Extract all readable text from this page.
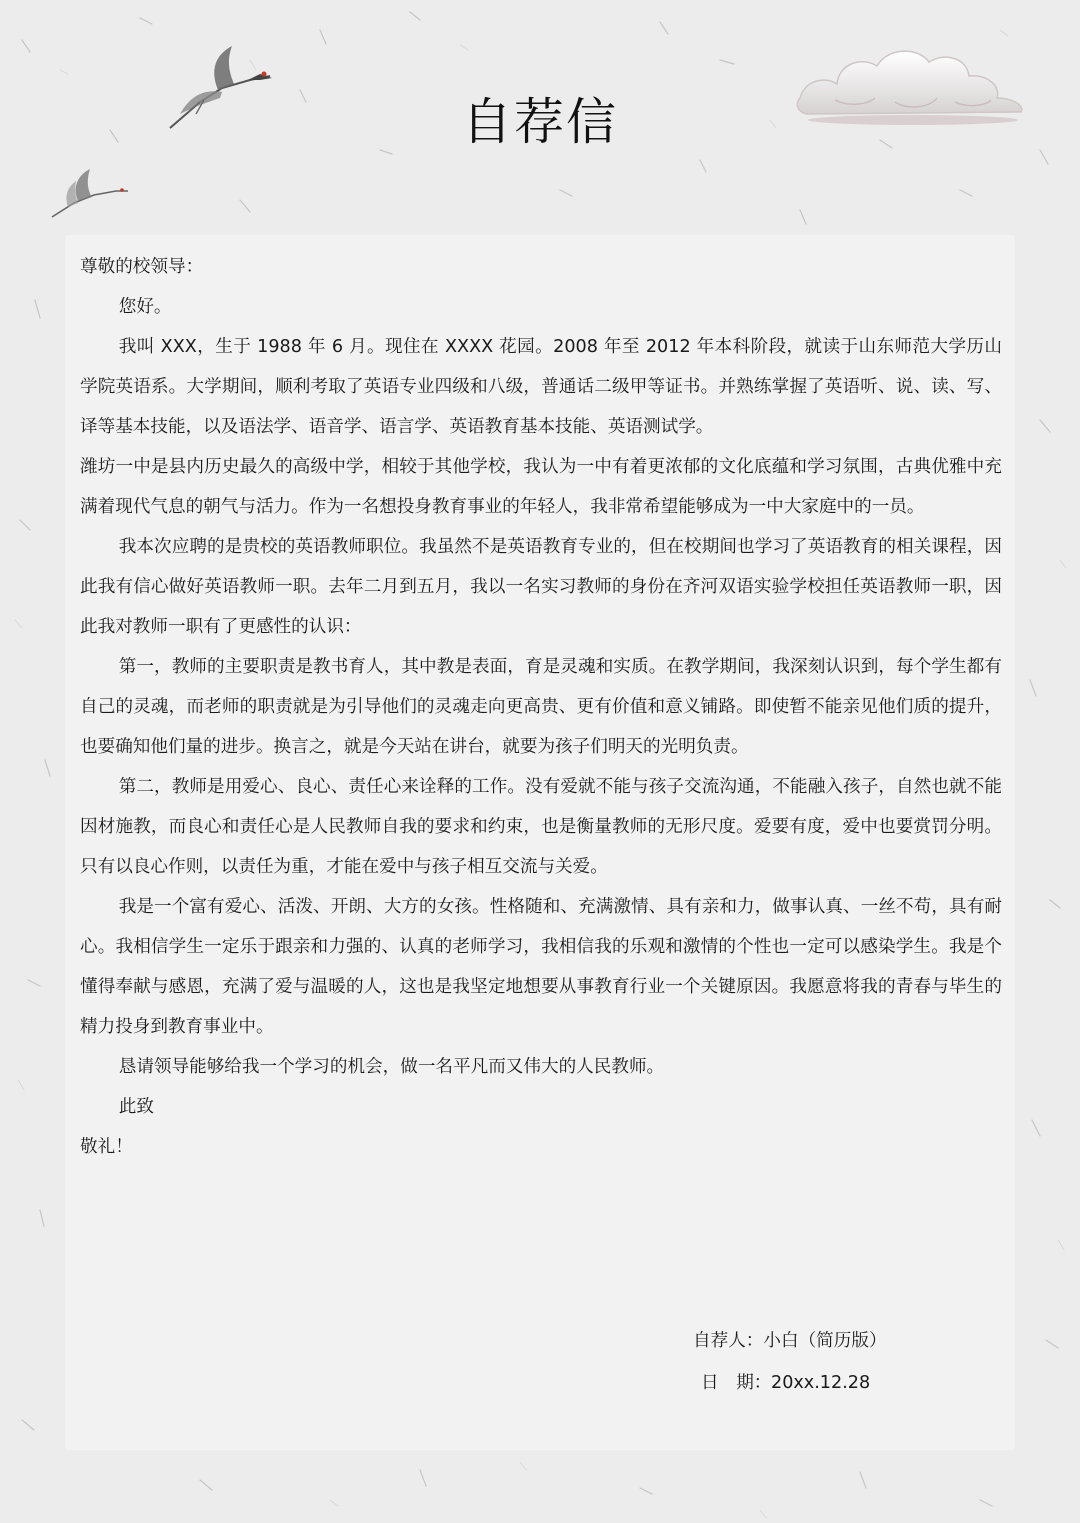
自荐信

尊敬的校领导：

您好。

我叫 XXX，生于 1988 年 6 月。现住在 XXXX 花园。2008 年至 2012 年本科阶段，就读于山东师范大学历山学院英语系。大学期间，顺利考取了英语专业四级和八级，普通话二级甲等证书。并熟练掌握了英语听、说、读、写、译等基本技能，以及语法学、语音学、语言学、英语教育基本技能、英语测试学。

潍坊一中是县内历史最久的高级中学，相较于其他学校，我认为一中有着更浓郁的文化底蕴和学习氛围，古典优雅中充满着现代气息的朝气与活力。作为一名想投身教育事业的年轻人，我非常希望能够成为一中大家庭中的一员。

我本次应聘的是贵校的英语教师职位。我虽然不是英语教育专业的，但在校期间也学习了英语教育的相关课程，因此我有信心做好英语教师一职。去年二月到五月，我以一名实习教师的身份在齐河双语实验学校担任英语教师一职，因此我对教师一职有了更感性的认识：

第一，教师的主要职责是教书育人，其中教是表面，育是灵魂和实质。在教学期间，我深刻认识到，每个学生都有自己的灵魂，而老师的职责就是为引导他们的灵魂走向更高贵、更有价值和意义铺路。即使暂不能亲见他们质的提升，也要确知他们量的进步。换言之，就是今天站在讲台，就要为孩子们明天的光明负责。

第二，教师是用爱心、良心、责任心来诠释的工作。没有爱就不能与孩子交流沟通，不能融入孩子，自然也就不能因材施教，而良心和责任心是人民教师自我的要求和约束，也是衡量教师的无形尺度。爱要有度，爱中也要赏罚分明。只有以良心作则，以责任为重，才能在爱中与孩子相互交流与关爱。

我是一个富有爱心、活泼、开朗、大方的女孩。性格随和、充满激情、具有亲和力，做事认真、一丝不苟，具有耐心。我相信学生一定乐于跟亲和力强的、认真的老师学习，我相信我的乐观和激情的个性也一定可以感染学生。我是个懂得奉献与感恩，充满了爱与温暖的人，这也是我坚定地想要从事教育行业一个关键原因。我愿意将我的青春与毕生的精力投身到教育事业中。

恳请领导能够给我一个学习的机会，做一名平凡而又伟大的人民教师。

此致

敬礼！

自荐人：小白（简历版）
日　期：20xx.12.28
